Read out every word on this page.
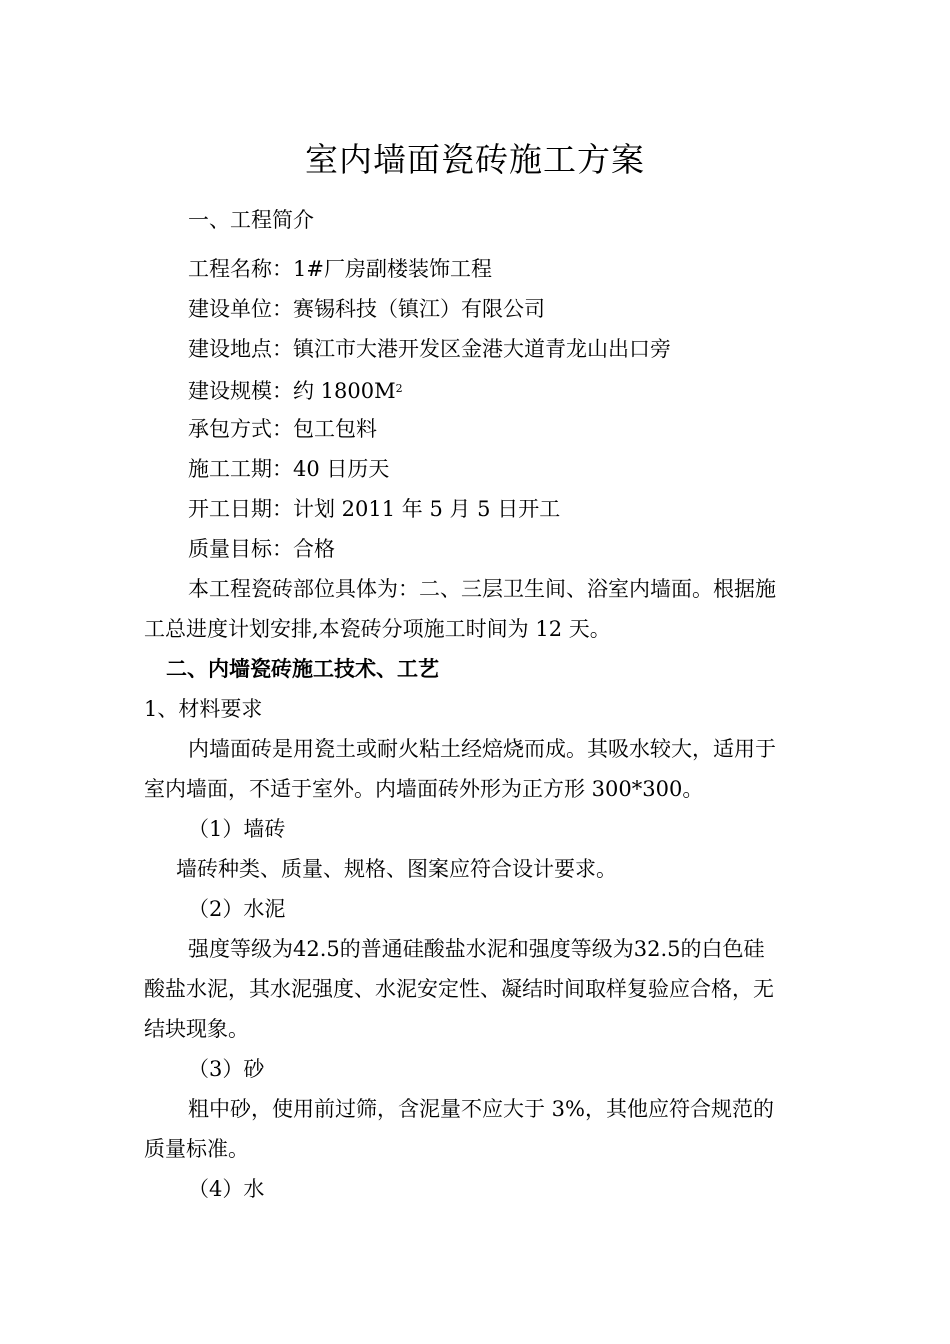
室内墙面瓷砖施工方案
一、工程简介
工程名称：1#厂房副楼装饰工程
建设单位：赛锡科技（镇江）有限公司
建设地点：镇江市大港开发区金港大道青龙山出口旁
建设规模：约 $1800M^2$
承包方式：包工包料
施工工期：40 日历天
开工日期：计划 2011 年 5 月 5 日开工
质量目标：合格
本工程瓷砖部位具体为：二、三层卫生间、浴室内墙面。根据施
工总进度计划安排,本瓷砖分项施工时间为 12 天。
二、内墙瓷砖施工技术、工艺
1、材料要求
内墙面砖是用瓷土或耐火粘土经焙烧而成。其吸水较大，适用于
室内墙面，不适于室外。内墙面砖外形为正方形 300*300。
（1）墙砖
墙砖种类、质量、规格、图案应符合设计要求。
（2）水泥
强度等级为42.5的普通硅酸盐水泥和强度等级为32.5的白色硅
酸盐水泥，其水泥强度、水泥安定性、凝结时间取样复验应合格，无
结块现象。
（3）砂
粗中砂，使用前过筛，含泥量不应大于 3%，其他应符合规范的
质量标准。
（4）水
